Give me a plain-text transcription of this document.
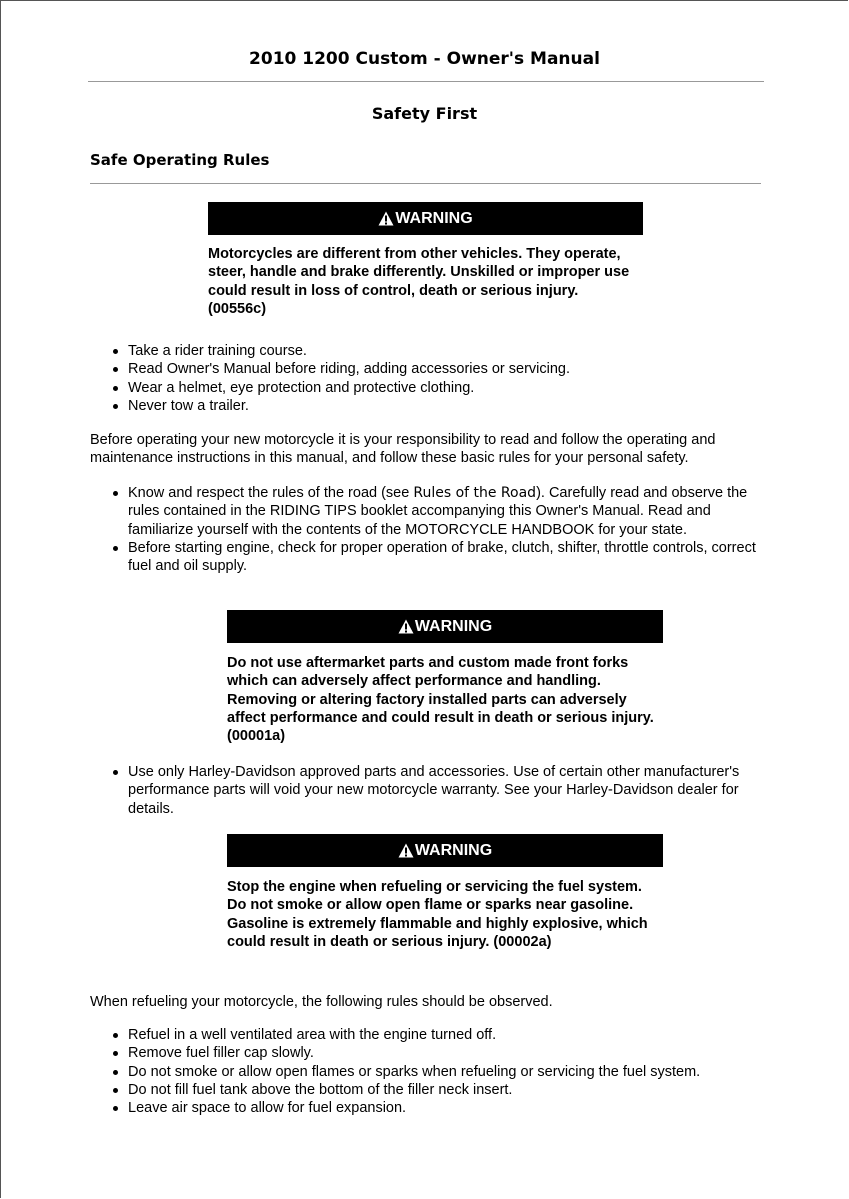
2010 1200 Custom - Owner's Manual
Safety First
Safe Operating Rules
WARNING
Motorcycles are different from other vehicles. They operate, steer, handle and brake differently. Unskilled or improper use could result in loss of control, death or serious injury. (00556c)
Take a rider training course.
Read Owner's Manual before riding, adding accessories or servicing.
Wear a helmet, eye protection and protective clothing.
Never tow a trailer.
Before operating your new motorcycle it is your responsibility to read and follow the operating and maintenance instructions in this manual, and follow these basic rules for your personal safety.
Know and respect the rules of the road (see Rules of the Road). Carefully read and observe the rules contained in the RIDING TIPS booklet accompanying this Owner's Manual. Read and familiarize yourself with the contents of the MOTORCYCLE HANDBOOK for your state.
Before starting engine, check for proper operation of brake, clutch, shifter, throttle controls, correct fuel and oil supply.
WARNING
Do not use aftermarket parts and custom made front forks which can adversely affect performance and handling. Removing or altering factory installed parts can adversely affect performance and could result in death or serious injury. (00001a)
Use only Harley-Davidson approved parts and accessories. Use of certain other manufacturer's performance parts will void your new motorcycle warranty. See your Harley-Davidson dealer for details.
WARNING
Stop the engine when refueling or servicing the fuel system. Do not smoke or allow open flame or sparks near gasoline. Gasoline is extremely flammable and highly explosive, which could result in death or serious injury. (00002a)
When refueling your motorcycle, the following rules should be observed.
Refuel in a well ventilated area with the engine turned off.
Remove fuel filler cap slowly.
Do not smoke or allow open flames or sparks when refueling or servicing the fuel system.
Do not fill fuel tank above the bottom of the filler neck insert.
Leave air space to allow for fuel expansion.
